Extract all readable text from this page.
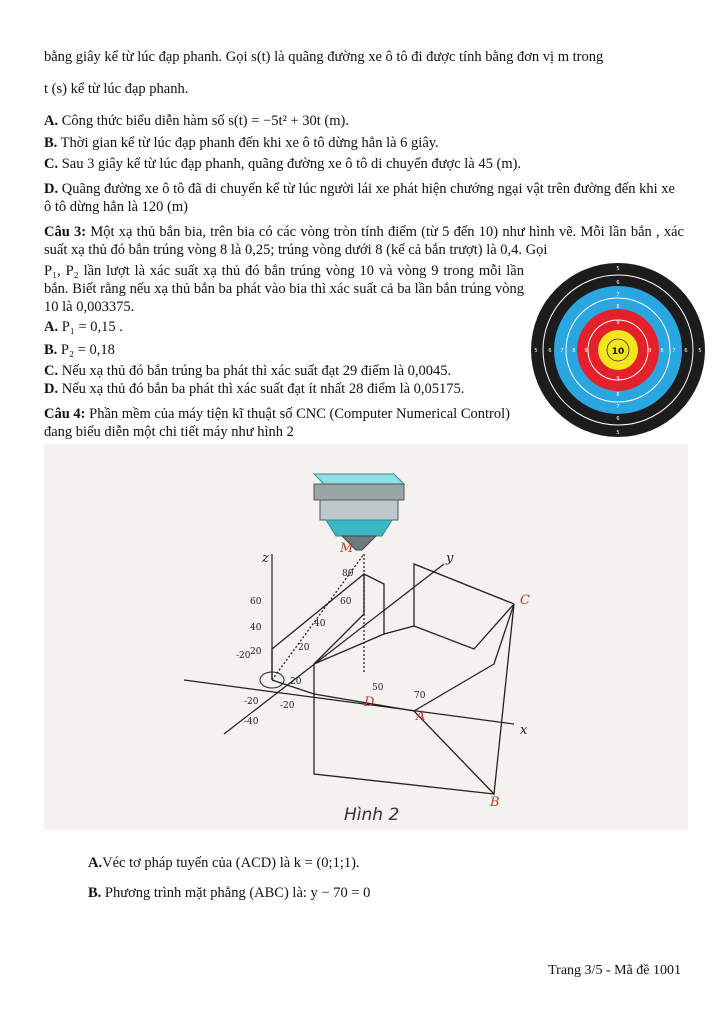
bằng giây kể từ lúc đạp phanh. Gọi s(t) là quãng đường xe ô tô đi được tính bằng đơn vị m trong
t (s) kể từ lúc đạp phanh.
A. Công thức biểu diễn hàm số s(t) = −5t² + 30t (m).
B. Thời gian kể từ lúc đạp phanh đến khi xe ô tô dừng hẳn là 6 giây.
C. Sau 3 giây kể từ lúc đạp phanh, quãng đường xe ô tô di chuyển được là 45 (m).
D. Quãng đường xe ô tô đã di chuyển kể từ lúc người lái xe phát hiện chướng ngại vật trên đường đến khi xe ô tô dừng hẳn là 120 (m)
Câu 3: Một xạ thủ bắn bia, trên bia có các vòng tròn tính điểm (từ 5 đến 10) như hình vẽ. Mỗi lần bắn , xác suất xạ thủ đó bắn trúng vòng 8 là 0,25; trúng vòng dưới 8 (kể cả bắn trượt) là 0,4. Gọi
P₁, P₂ lần lượt là xác suất xạ thủ đó bắn trúng vòng 10 và vòng 9 trong mỗi lần bắn. Biết rằng nếu xạ thủ bắn ba phát vào bia thì xác suất cả ba lần bắn trúng vòng 10 là 0,003375.
A. P₁ = 0,15 .
B. P₂ = 0,18
C. Nếu xạ thủ đó bắn trúng ba phát thì xác suất đạt 29 điểm là 0,0045.
D. Nếu xạ thủ đó bắn ba phát thì xác suất đạt ít nhất 28 điểm là 0,05175.
5 6 7 8 9	9 8 7 6 5
5
6
7
8
9
9
8
7
6
5
10
Câu 4: Phần mềm của máy tiện kĩ thuật số CNC (Computer Numerical Control) đang biểu diễn một chi tiết máy như hình 2
x
y
z
M
C
D
A
B
80
60
40
20	20
40
60
50
70
-20
-20
-40
-20
20
Hình 2
A.Véc tơ pháp tuyến của (ACD) là k = (0;1;1).
B. Phương trình mặt phẳng (ABC) là: y − 70 = 0
Trang 3/5 - Mã đề 1001
